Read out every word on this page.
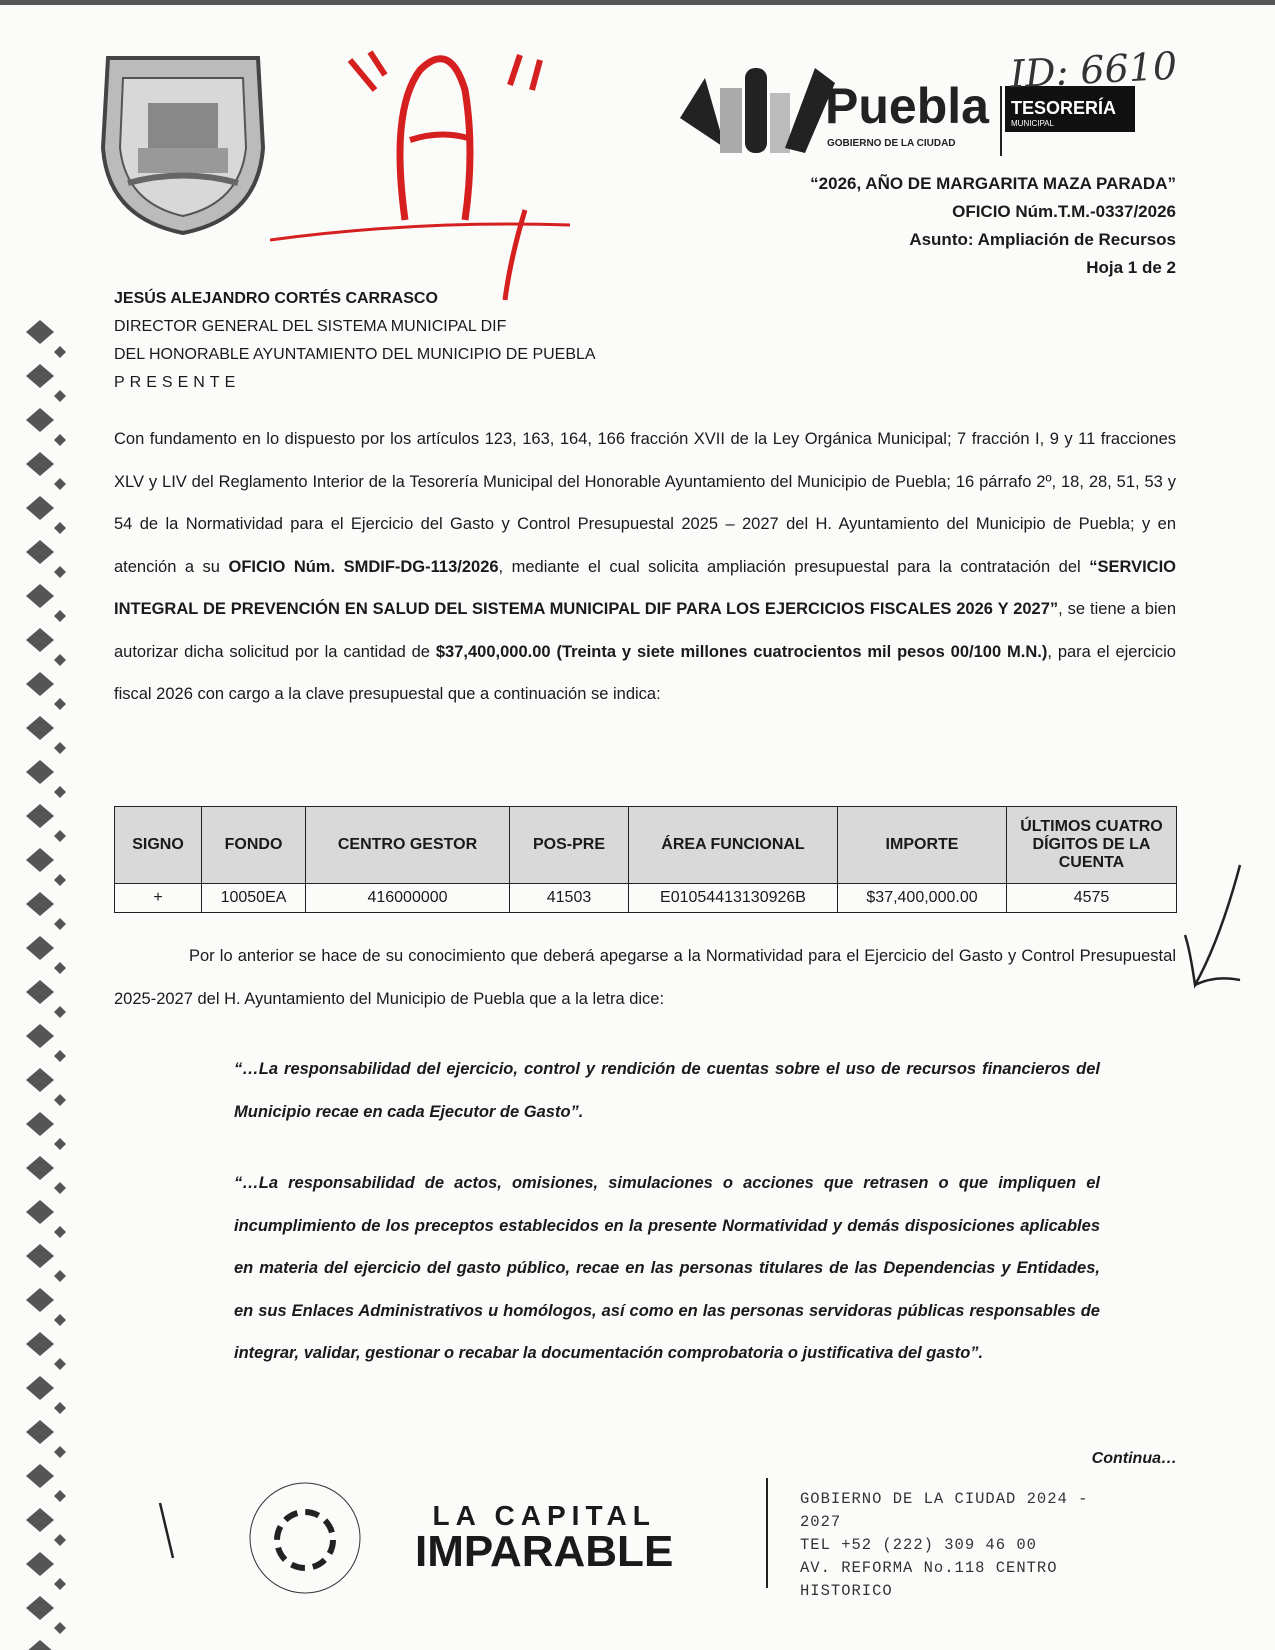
Puebla
GOBIERNO DE LA CIUDAD
TESORERÍA
MUNICIPAL
ID: 6610
“2026, AÑO DE MARGARITA MAZA PARADA”
OFICIO Núm.T.M.-0337/2026
Asunto: Ampliación de Recursos
Hoja 1 de 2
JESÚS ALEJANDRO CORTÉS CARRASCO
DIRECTOR GENERAL DEL SISTEMA MUNICIPAL DIF
DEL HONORABLE AYUNTAMIENTO DEL MUNICIPIO DE PUEBLA
PRESENTE
Con fundamento en lo dispuesto por los artículos 123, 163, 164, 166 fracción XVII de la Ley Orgánica Municipal; 7 fracción I, 9 y 11 fracciones XLV y LIV del Reglamento Interior de la Tesorería Municipal del Honorable Ayuntamiento del Municipio de Puebla; 16 párrafo 2º, 18, 28, 51, 53 y 54 de la Normatividad para el Ejercicio del Gasto y Control Presupuestal 2025 – 2027 del H. Ayuntamiento del Municipio de Puebla; y en atención a su OFICIO Núm. SMDIF-DG-113/2026, mediante el cual solicita ampliación presupuestal para la contratación del “SERVICIO INTEGRAL DE PREVENCIÓN EN SALUD DEL SISTEMA MUNICIPAL DIF PARA LOS EJERCICIOS FISCALES 2026 Y 2027”, se tiene a bien autorizar dicha solicitud por la cantidad de $37,400,000.00 (Treinta y siete millones cuatrocientos mil pesos 00/100 M.N.), para el ejercicio fiscal 2026 con cargo a la clave presupuestal que a continuación se indica:
SIGNO	FONDO	CENTRO GESTOR	POS-PRE	ÁREA FUNCIONAL	IMPORTE	ÚLTIMOS CUATRO DÍGITOS DE LA CUENTA
+	10050EA	416000000	41503	E01054413130926B	$37,400,000.00	4575
Por lo anterior se hace de su conocimiento que deberá apegarse a la Normatividad para el Ejercicio del Gasto y Control Presupuestal 2025-2027 del H. Ayuntamiento del Municipio de Puebla que a la letra dice:
“…La responsabilidad del ejercicio, control y rendición de cuentas sobre el uso de recursos financieros del Municipio recae en cada Ejecutor de Gasto”.
“…La responsabilidad de actos, omisiones, simulaciones o acciones que retrasen o que impliquen el incumplimiento de los preceptos establecidos en la presente Normatividad y demás disposiciones aplicables en materia del ejercicio del gasto público, recae en las personas titulares de las Dependencias y Entidades, en sus Enlaces Administrativos u homólogos, así como en las personas servidoras públicas responsables de integrar, validar, gestionar o recabar la documentación comprobatoria o justificativa del gasto”.
Continua…
LA CAPITAL
IMPARABLE
GOBIERNO DE LA CIUDAD 2024 -
2027
TEL +52 (222) 309 46 00
AV. REFORMA No.118 CENTRO
HISTORICO
